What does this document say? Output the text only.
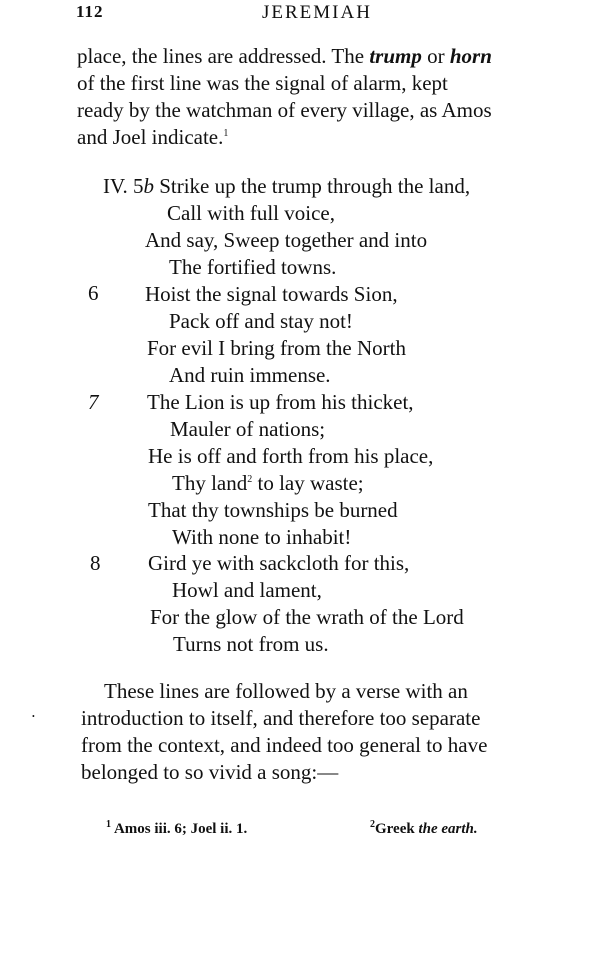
112	JEREMIAH
place, the lines are addressed. The trump or horn
of the first line was the signal of alarm, kept
ready by the watchman of every village, as Amos
and Joel indicate.$^1$
IV. 5b Strike up the trump through the land,
Call with full voice,
And say, Sweep together and into
The fortified towns.
6 Hoist the signal towards Sion,
Pack off and stay not!
For evil I bring from the North
And ruin immense.
7 The Lion is up from his thicket,
Mauler of nations;
He is off and forth from his place,
Thy land$^2$ to lay waste;
That thy townships be burned
With none to inhabit!
8 Gird ye with sackcloth for this,
Howl and lament,
For the glow of the wrath of the Lord
Turns not from us.
These lines are followed by a verse with an
introduction to itself, and therefore too separate
from the context, and indeed too general to have
belonged to so vivid a song:—
•
$^1$ Amos iii. 6; Joel ii. 1.	$^2$Greek the earth.
